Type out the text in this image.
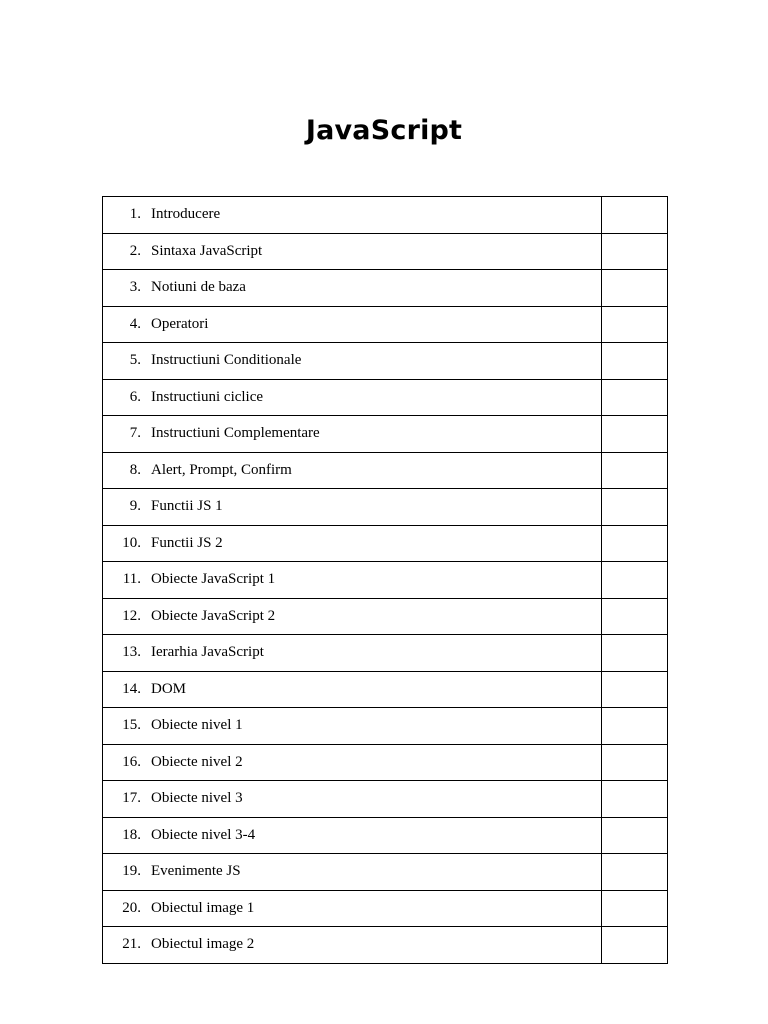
JavaScript
1. Introducere	

2. Sintaxa JavaScript	

3. Notiuni de baza	

4. Operatori	

5. Instructiuni Conditionale	

6. Instructiuni ciclice	

7. Instructiuni Complementare	

8. Alert, Prompt, Confirm	

9. Functii JS 1	

10. Functii JS 2	

11. Obiecte JavaScript 1	

12. Obiecte JavaScript 2	

13. Ierarhia JavaScript	

14. DOM	

15. Obiecte nivel 1	

16. Obiecte nivel 2	

17. Obiecte nivel 3	

18. Obiecte nivel 3-4	

19. Evenimente JS	

20. Obiectul image 1	

21. Obiectul image 2	
